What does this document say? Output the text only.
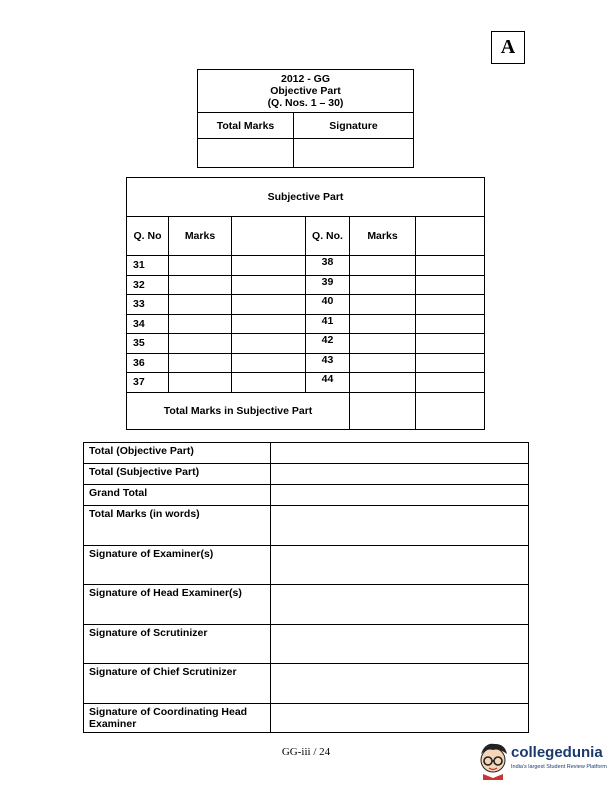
A
2012 - GG
Objective Part
(Q. Nos. 1 – 30)	

Total Marks	Signature

Subjective Part					
Q. No	Marks		Q. No.	Marks	
31			38		
32			39		
33			40		
34			41		
35			42		
36			43		
37			44		
Total Marks in Subjective Part					
Total (Objective Part)	
Total (Subjective Part)	
Grand Total	
Total Marks (in words)	
Signature of Examiner(s)	
Signature of Head Examiner(s)	
Signature of Scrutinizer	
Signature of Chief Scrutinizer	
Signature of Coordinating Head Examiner	
GG-iii / 24	collegedunia
India's largest Student Review Platform
